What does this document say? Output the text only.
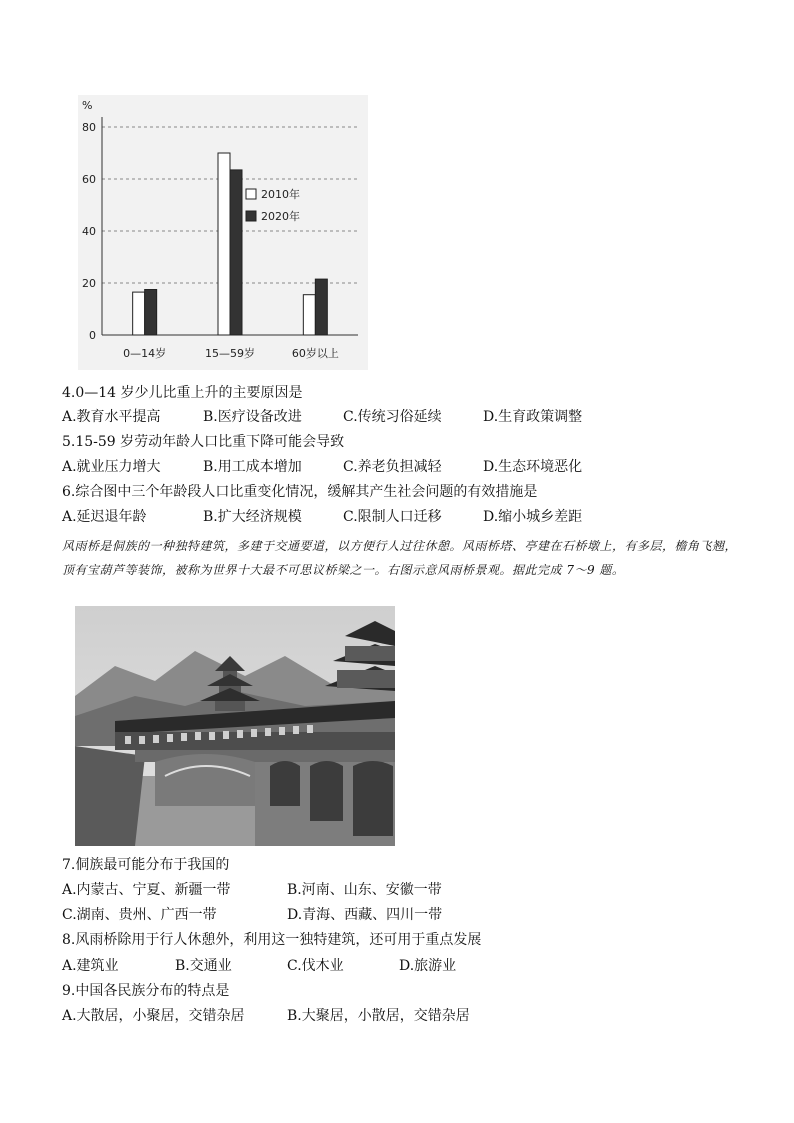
%
0
20
40
60
80
0—14岁	15—59岁	60岁以上
2010年
2020年
4.0—14 岁少儿比重上升的主要原因是
A.教育水平提高	B.医疗设备改进	C.传统习俗延续	D.生育政策调整
5.15-59 岁劳动年龄人口比重下降可能会导致
A.就业压力增大	B.用工成本增加	C.养老负担减轻	D.生态环境恶化
6.综合图中三个年龄段人口比重变化情况，缓解其产生社会问题的有效措施是
A.延迟退年龄	B.扩大经济规模	C.限制人口迁移	D.缩小城乡差距
风雨桥是侗族的一种独特建筑，多建于交通要道，以方便行人过往休憩。风雨桥塔、亭建在石桥墩上，有多层，檐角飞翘，顶有宝葫芦等装饰，被称为世界十大最不可思议桥梁之一。右图示意风雨桥景观。据此完成 7～9 题。
7.侗族最可能分布于我国的
A.内蒙古、宁夏、新疆一带	B.河南、山东、安徽一带
C.湖南、贵州、广西一带	D.青海、西藏、四川一带
8.风雨桥除用于行人休憩外，利用这一独特建筑，还可用于重点发展
A.建筑业	B.交通业	C.伐木业	D.旅游业
9.中国各民族分布的特点是
A.大散居，小聚居，交错杂居	B.大聚居，小散居，交错杂居
